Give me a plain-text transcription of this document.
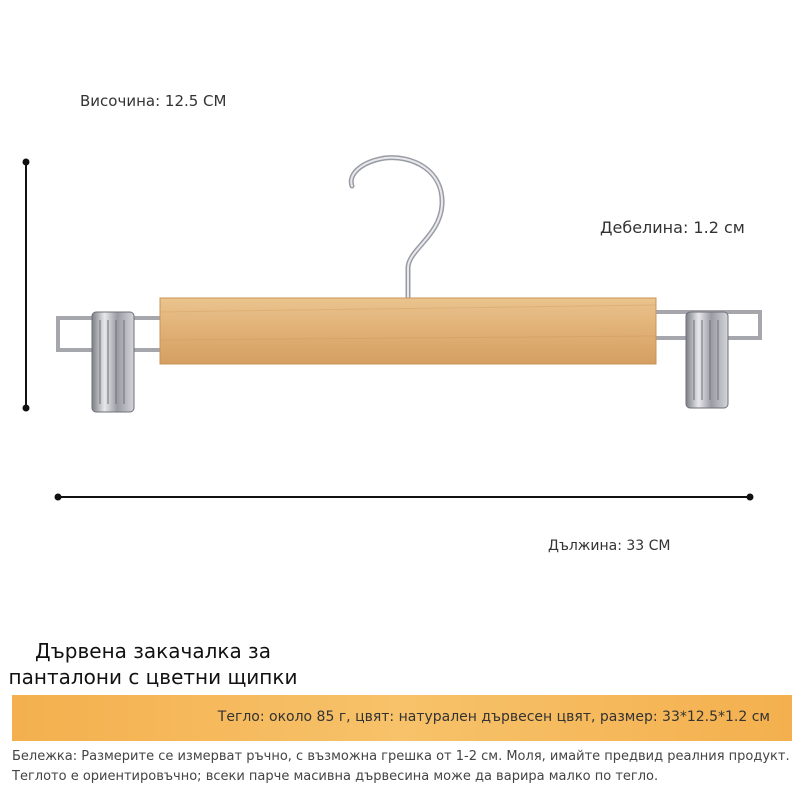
Височина: 12.5 CM
Дебелина: 1.2 см
Дължина: 33 CM
Дървена закачалка за
панталони с цветни щипки
Тегло: около 85 г, цвят: натурален дървесен цвят, размер: 33*12.5*1.2 см
Бележка: Размерите се измерват ръчно, с възможна грешка от 1-2 см. Моля, имайте предвид реалния продукт. Теглото е ориентировъчно; всеки парче масивна дървесина може да варира малко по тегло.
